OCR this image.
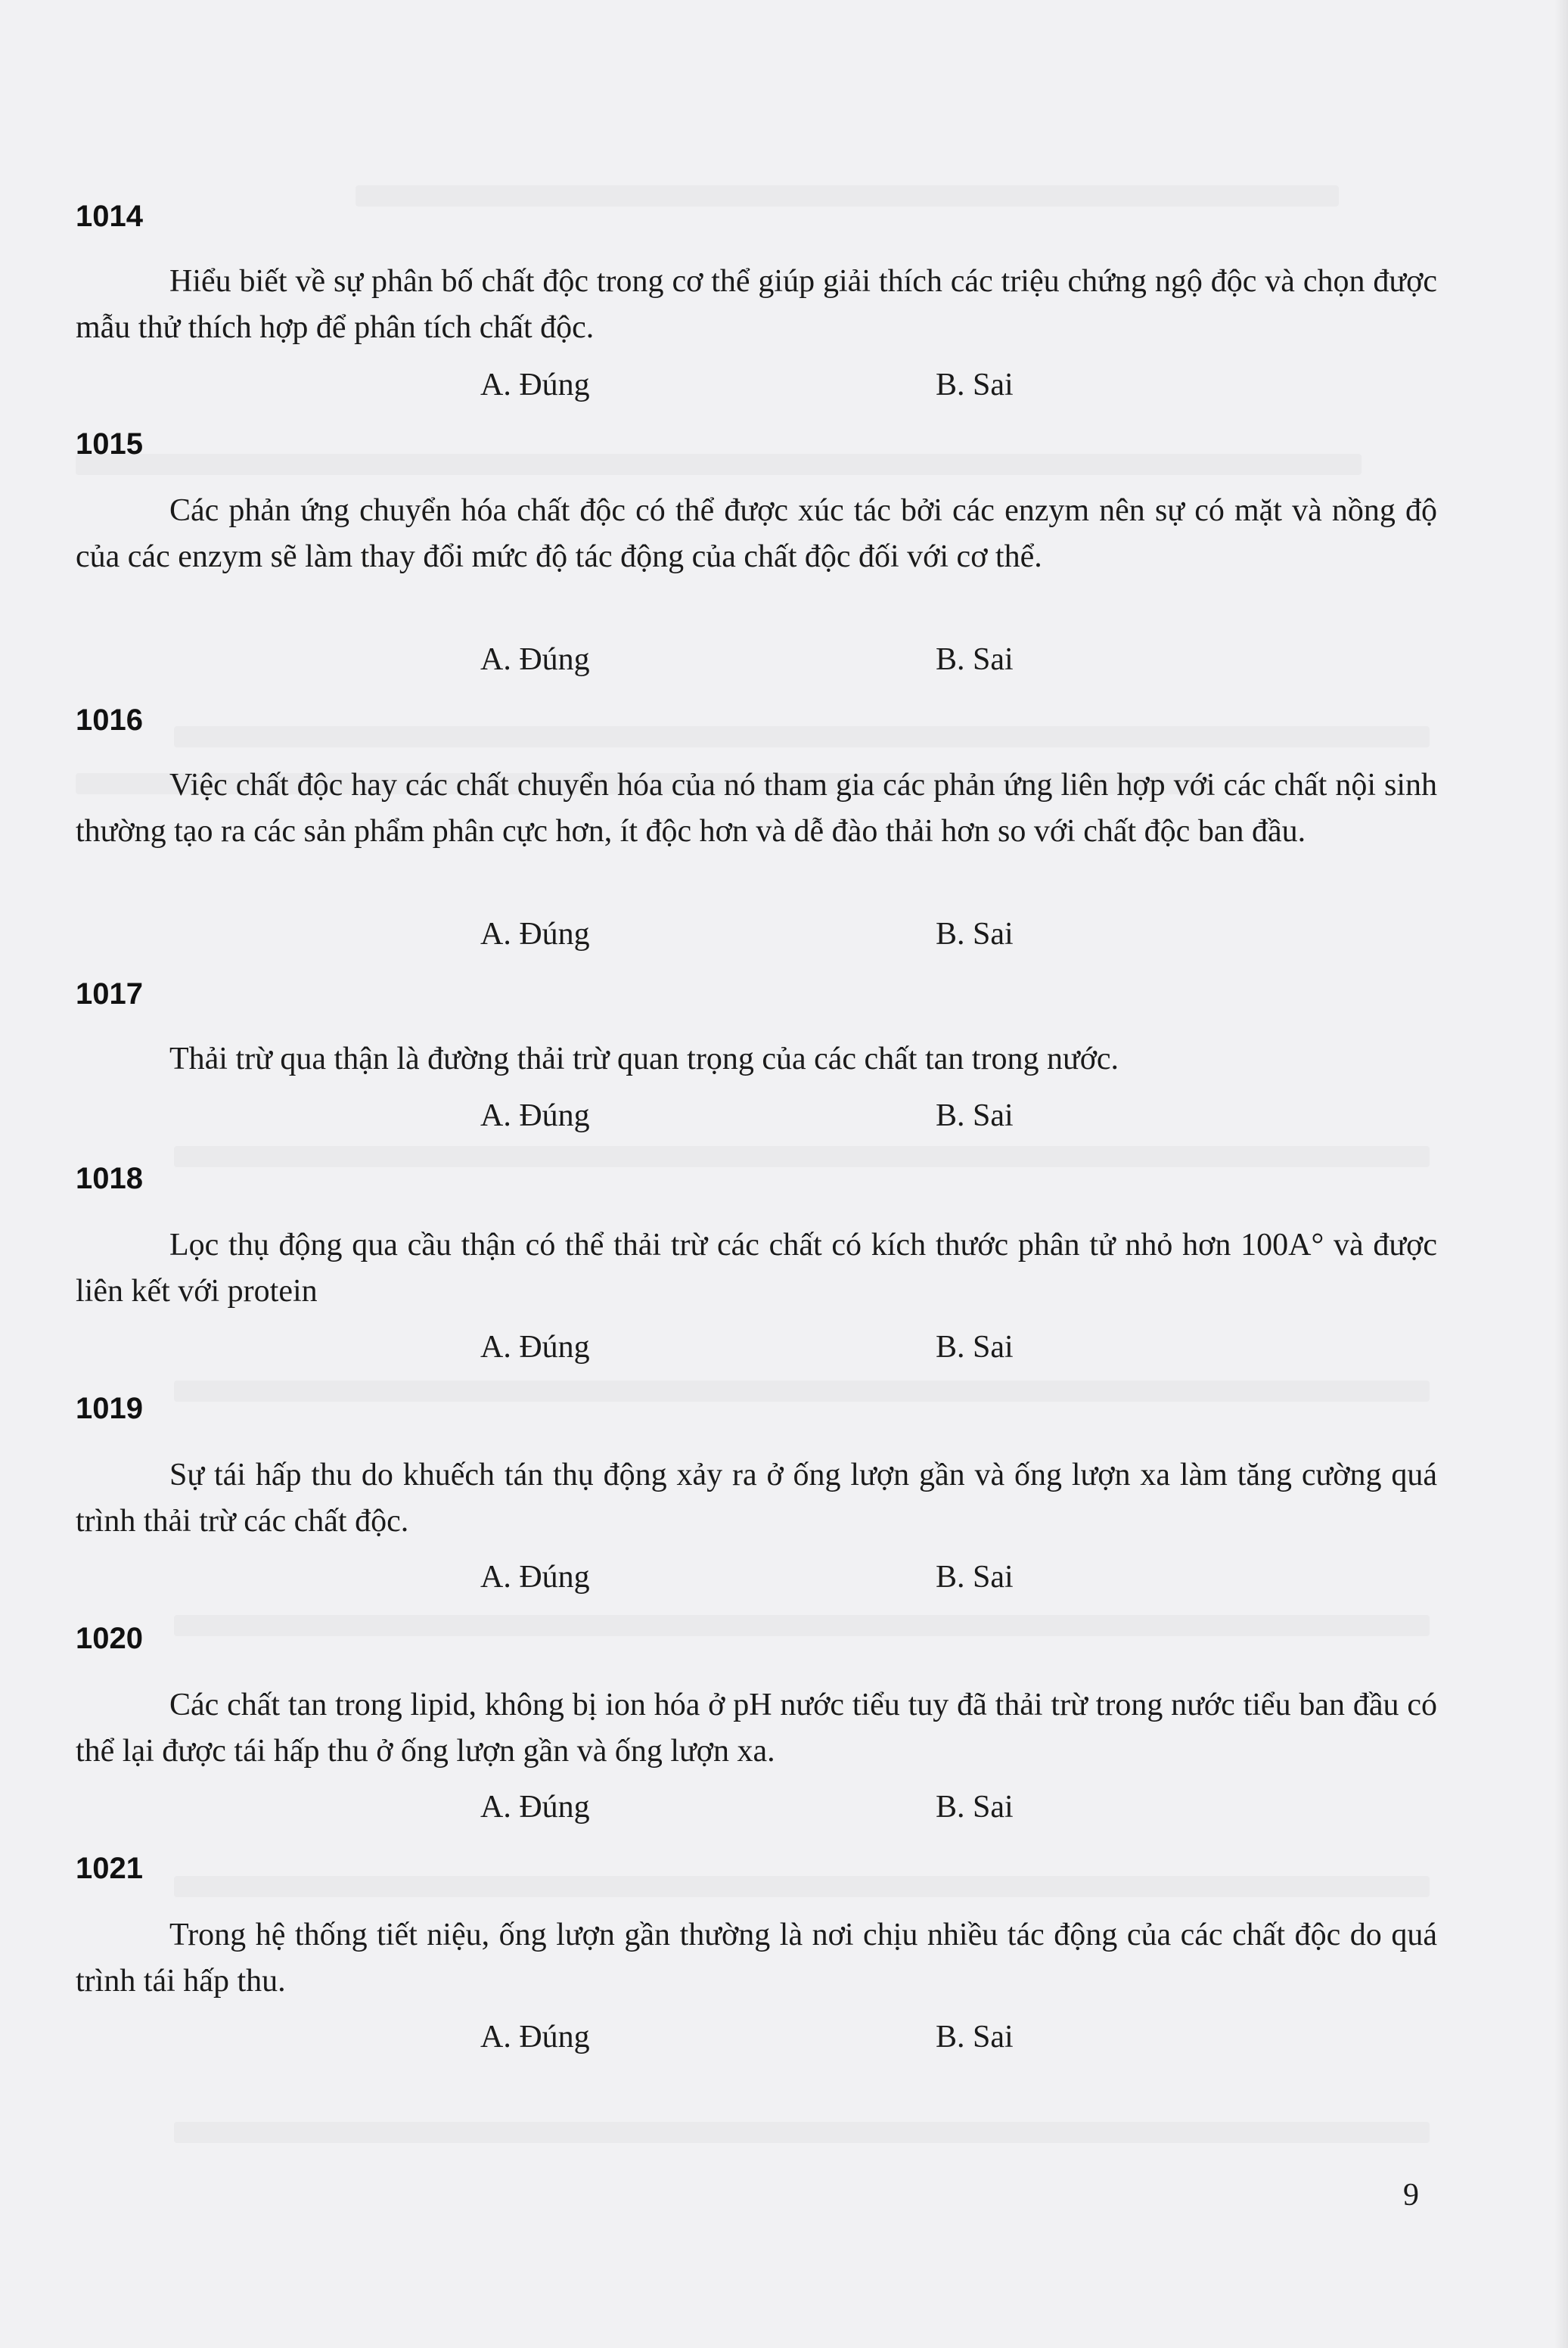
1014
Hiểu biết về sự phân bố chất độc trong cơ thể giúp giải thích các triệu chứng ngộ độc và chọn được mẫu thử thích hợp để phân tích chất độc.
A. Đúng	B. Sai
1015
Các phản ứng chuyển hóa chất độc có thể được xúc tác bởi các enzym nên sự có mặt và nồng độ của các enzym sẽ làm thay đổi mức độ tác động của chất độc đối với cơ thể.
A. Đúng	B. Sai
1016
Việc chất độc hay các chất chuyển hóa của nó tham gia các phản ứng liên hợp với các chất nội sinh thường tạo ra các sản phẩm phân cực hơn, ít độc hơn và dễ đào thải hơn so với chất độc ban đầu.
A. Đúng	B. Sai
1017
Thải trừ qua thận là đường thải trừ quan trọng của các chất tan trong nước.
A. Đúng	B. Sai
1018
Lọc thụ động qua cầu thận có thể thải trừ các chất có kích thước phân tử nhỏ hơn 100A° và được liên kết với protein
A. Đúng	B. Sai
1019
Sự tái hấp thu do khuếch tán thụ động xảy ra ở ống lượn gần và ống lượn xa làm tăng cường quá trình thải trừ các chất độc.
A. Đúng	B. Sai
1020
Các chất tan trong lipid, không bị ion hóa ở pH nước tiểu tuy đã thải trừ trong nước tiểu ban đầu có thể lại được tái hấp thu ở ống lượn gần và ống lượn xa.
A. Đúng	B. Sai
1021
Trong hệ thống tiết niệu, ống lượn gần thường là nơi chịu nhiều tác động của các chất độc do quá trình tái hấp thu.
A. Đúng	B. Sai
9
